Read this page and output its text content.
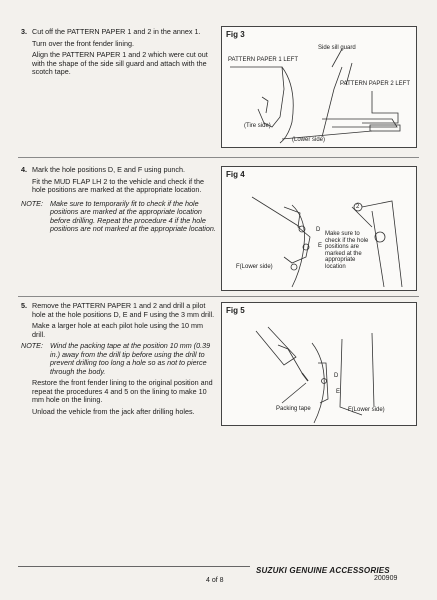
3. Cut off the PATTERN PAPER 1 and 2 in the annex 1.

Turn over the front fender lining.

Align the PATTERN PAPER 1 and 2 which were cut out with the shape of the side sill guard and attach with the scotch tape.

Fig 3
Side sill guard
PATTERN PAPER 1 LEFT
PATTERN PAPER 2 LEFT
(Tire side)
(Lower side)
4. Mark the hole positions D, E and F using punch.

Fit the MUD FLAP LH 2 to the vehicle and check if the hole positions are marked at the appropriate location.

NOTE: Make sure to temporarily fit to check if the hole positions are marked at the appropriate location before drilling. Repeat the procedure 4 if the hole positions are not marked at the appropriate location.

Fig 4
D
E
2
F(Lower side)
Make sure to check if the hole positions are marked at the appropriate location
5. Remove the PATTERN PAPER 1 and 2 and drill a pilot hole at the hole positions D, E and F using the 3 mm drill.

Make a larger hole at each pilot hole using the 10 mm drill.

NOTE: Wind the packing tape at the position 10 mm (0.39 in.) away from the drill tip before using the drill to prevent drilling too long a hole so as not to pierce through the body.

Restore the front fender lining to the original position and repeat the procedures 4 and 5 on the lining to make 10 mm hole on the lining.

Unload the vehicle from the jack after drilling holes.

Fig 5
D
E
Packing tape	F(Lower side)
SUZUKI GENUINE ACCESSORIES
200909
4 of 8
